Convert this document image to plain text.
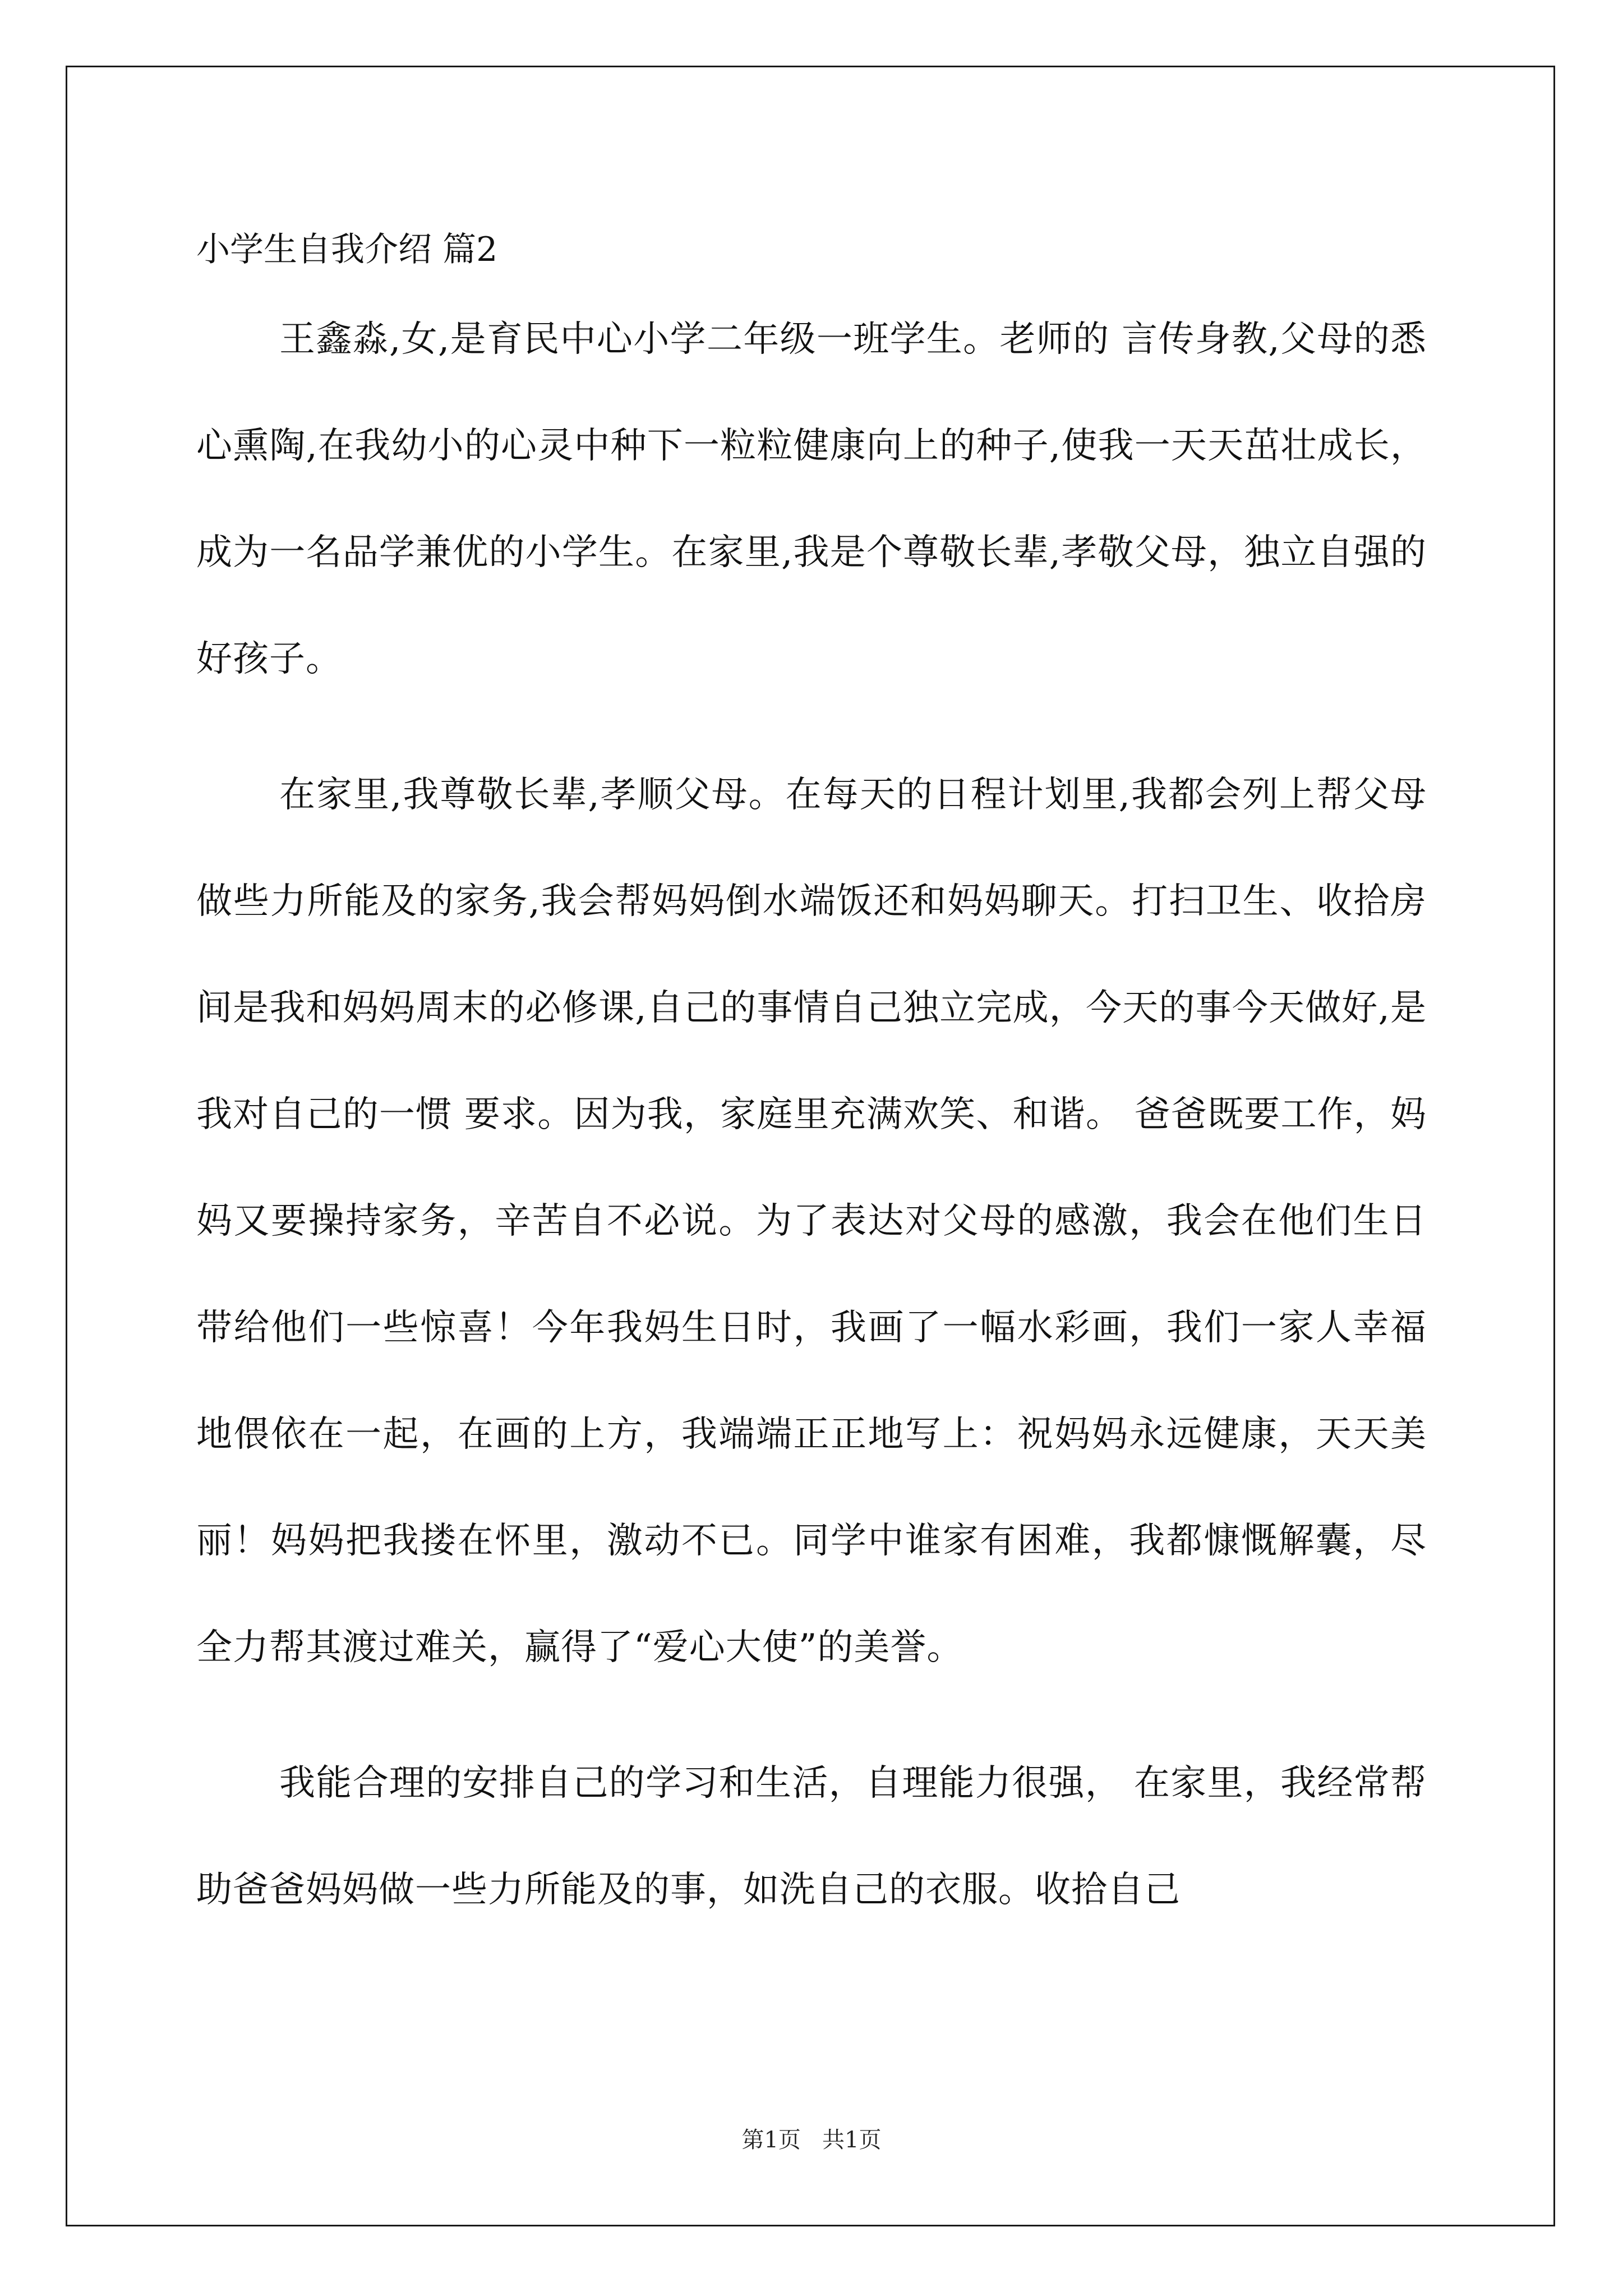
小学生自我介绍 篇2

王鑫淼,女,是育民中心小学二年级一班学生。老师的 言传身教,父母的悉心熏陶,在我幼小的心灵中种下一粒粒健康向上的种子,使我一天天茁壮成长，成为一名品学兼优的小学生。在家里,我是个尊敬长辈,孝敬父母，独立自强的好孩子。

在家里,我尊敬长辈,孝顺父母。在每天的日程计划里,我都会列上帮父母做些力所能及的家务,我会帮妈妈倒水端饭还和妈妈聊天。打扫卫生、收拾房间是我和妈妈周末的必修课,自己的事情自己独立完成，今天的事今天做好,是我对自己的一惯 要求。因为我，家庭里充满欢笑、和谐。 爸爸既要工作，妈妈又要操持家务，辛苦自不必说。为了表达对父母的感激，我会在他们生日带给他们一些惊喜！今年我妈生日时，我画了一幅水彩画，我们一家人幸福地偎依在一起，在画的上方，我端端正正地写上：祝妈妈永远健康，天天美丽！妈妈把我搂在怀里，激动不已。同学中谁家有困难，我都慷慨解囊，尽全力帮其渡过难关，赢得了“爱心大使”的美誉。

我能合理的安排自己的学习和生活，自理能力很强， 在家里，我经常帮助爸爸妈妈做一些力所能及的事，如洗自己的衣服。收拾自己

第1页   共1页
